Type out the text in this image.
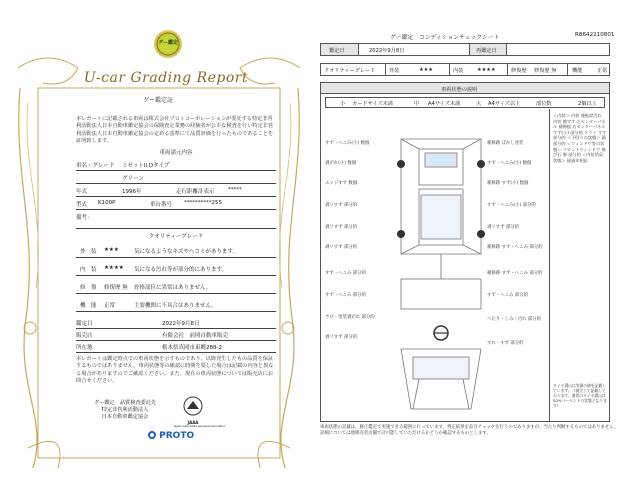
グー鑑定
U-car Grading Report
グー鑑定証
本レポートに記載される車両は株式会社プロトコーポレーションが委託する特定非営利活動法人日本自動車鑑定協会の保険査定業務の経験者が公平な検査を行い特定非営利活動法人日本自動車鑑定協会の定める基準にて品質評価を行ったものであることを証明致します。
車両諸元内容
車名・グレード ミゼットII Dタイプ
グリーン
年式	1996年	走行距離計表示 *****
型式 K100P	車台番号 **********255
備考：
クオリティーグレード
外　装 ★★★	気になるようなキズやヘコミがあります。
内　装 ★★★★ 気になる汚れ等が部分的にあります。
修　復 修復歴 無 骨格部位に異常はありません。
機　能 正常	主要機関に不具合はありません。
鑑定日	2022年9月8日
販売店	有限会社　前岡自動車販売
所在地	栃木県真岡市東郷288-2
本レポートは鑑定時点での車両状態を示すものであり、以降発生したもの品質を保証するものではありません。車両状態等の確認に時間を要した場合は記載の内容と異なる場合がありますのでご確認ください。また、現在の車両状態については販売店にお問合せください。
グー鑑定　品質検査委託先
特定非営利活動法人
日本自動車鑑定協会
JAAA
Japan Automobile Appraisal Association
PROTO
グー鑑定　コンディションチェックシート	R864221080​1
鑑定日	2022年9月8日	再鑑定日
クオリティーグレード	外装	★★★	内装	★★★★	修復歴 修復歴 無	機能	正常
車両状態の説明
小 カードサイズ未満	中 A4サイズ未満	大 A4サイズ以上	部位数	2個以上
すず・へこみ(小) 数個
剥がれ(小) 数個
エッジすず 数個
剥リすず 部分的
剥リすず 部分的
剥リすず 部分的
すず・へこみ 部分的
すず・へこみ 部分的
さび・塗装剥がれ 部分的
剥リすず 部分的
補修跡 ぼかし塗装
すず・へこみ(小) 数個
補修跡 すず(小) 数個
すず・へこみ(小) 部分的
剥リすず 部分的
補修跡 すず・へこみ 部分的
補修跡 すず・へこみ 部分的
すず・へこみ 部分的
へたり・しみ・汚れ 部分的
すれ・すず 部分的
＜内装＞ 内装 運転席汚れ 内装 擦すす 左センターパネル 補修痕 右センターパネル すず(小) 部分的 ドライ すす 部分的 ＜下回りの状態＞ 錆 部分的 ＜ウィンドウ等の状態＞ フロントウィンドウ 飛び石 修 部分的 ＜内装消臭状態＞ 経過年相応
タイヤ溝山は実測の値を記載しています。（測定して記載しております。通常のタイヤ溝山は50%パーセントの状態となります）
車両状態の記載は、修正鑑定で実施できる範囲に行っています。判定結果を品目チェックを行うのでありますが、当たり判断するものではありません。詳細については他販売者店舗で計可能していただけるかどうか確認するものとします。
